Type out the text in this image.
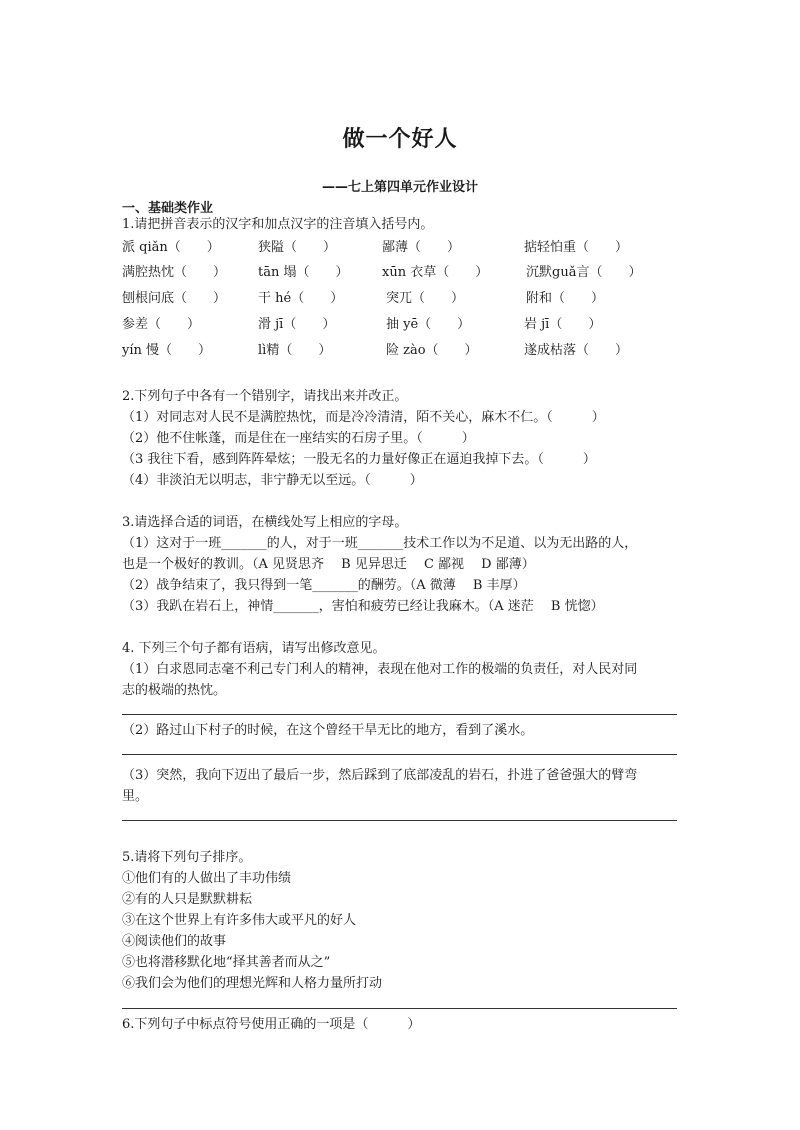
做一个好人
——七上第四单元作业设计
一、基础类作业
1.请把拼音表示的汉字和加点汉字的注音填入括号内。
派 qiǎn（　　）	狭隘（　　）	鄙薄（　　）	掂轻怕重（　　）
满腔热忱（　　） tān 塌（　　）	xūn 衣草（　　）	沉默guǎ言（　　）
刨根问底（　　） 干 hé（　　）	突兀（　　）	附和（　　）
参差（　　）	滑 jī（　　）	抽 yē（　　）	岩 jī（　　）
yín 慢（　　）	lì精（　　）	险 zào（　　）	遂成枯落（　　）
2.下列句子中各有一个错别字，请找出来并改正。
（1）对同志对人民不是满腔热忱，而是冷冷清清，陌不关心，麻木不仁。（　　　）
（2）他不住帐蓬，而是住在一座结实的石房子里。（　　　）
（3 我往下看，感到阵阵晕炫；一股无名的力量好像正在逼迫我掉下去。（　　　）
（4）非淡泊无以明志，非宁静无以至远。（　　　）
3.请选择合适的词语，在横线处写上相应的字母。
（1）这对于一班_______的人，对于一班_______技术工作以为不足道、以为无出路的人，
也是一个极好的教训。（A 见贤思齐　 B 见异思迁　 C 鄙视　 D 鄙薄）
（2）战争结束了，我只得到一笔_______的酬劳。（A 微薄　 B 丰厚）
（3）我趴在岩石上，神情_______，害怕和疲劳已经让我麻木。（A 迷茫　 B 恍惚）
4. 下列三个句子都有语病，请写出修改意见。
（1）白求恩同志毫不利己专门利人的精神，表现在他对工作的极端的负责任，对人民对同
志的极端的热忱。
（2）路过山下村子的时候，在这个曾经干旱无比的地方，看到了溪水。
（3）突然，我向下迈出了最后一步，然后踩到了底部凌乱的岩石，扑进了爸爸强大的臂弯
里。
5.请将下列句子排序。
①他们有的人做出了丰功伟绩
②有的人只是默默耕耘
③在这个世界上有许多伟大或平凡的好人
④阅读他们的故事
⑤也将潜移默化地“择其善者而从之”
⑥我们会为他们的理想光辉和人格力量所打动
6.下列句子中标点符号使用正确的一项是（　　　）
